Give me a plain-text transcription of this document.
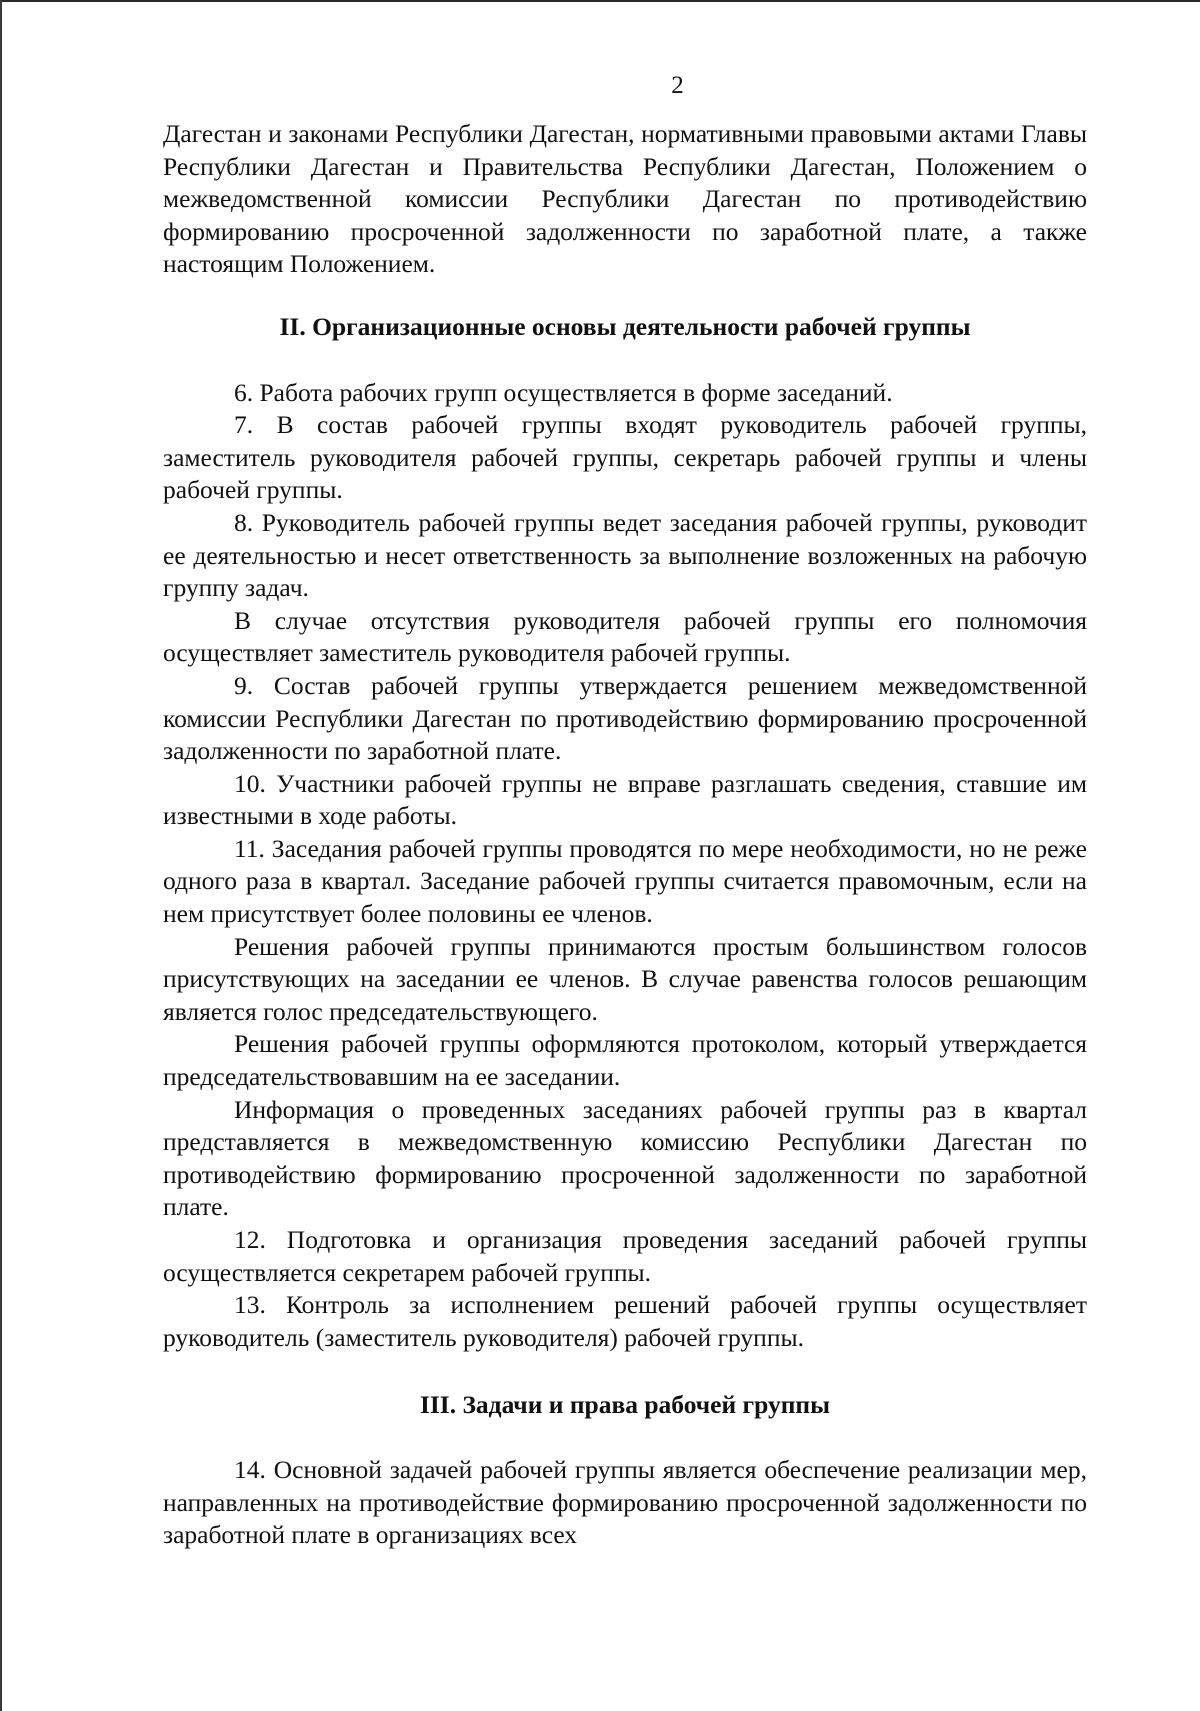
2

Дагестан и законами Республики Дагестан, нормативными правовыми актами Главы Республики Дагестан и Правительства Республики Дагестан, Положением о межведомственной комиссии Республики Дагестан по противодействию формированию просроченной задолженности по заработной плате, а также настоящим Положением.

II. Организационные основы деятельности рабочей группы

6. Работа рабочих групп осуществляется в форме заседаний.

7. В состав рабочей группы входят руководитель рабочей группы, заместитель руководителя рабочей группы, секретарь рабочей группы и члены рабочей группы.

8. Руководитель рабочей группы ведет заседания рабочей группы, руководит ее деятельностью и несет ответственность за выполнение возложенных на рабочую группу задач.

В случае отсутствия руководителя рабочей группы его полномочия осуществляет заместитель руководителя рабочей группы.

9. Состав рабочей группы утверждается решением межведомственной комиссии Республики Дагестан по противодействию формированию просроченной задолженности по заработной плате.

10. Участники рабочей группы не вправе разглашать сведения, ставшие им известными в ходе работы.

11. Заседания рабочей группы проводятся по мере необходимости, но не реже одного раза в квартал. Заседание рабочей группы считается правомочным, если на нем присутствует более половины ее членов.

Решения рабочей группы принимаются простым большинством голосов присутствующих на заседании ее членов. В случае равенства голосов решающим является голос председательствующего.

Решения рабочей группы оформляются протоколом, который утверждается председательствовавшим на ее заседании.

Информация о проведенных заседаниях рабочей группы раз в квартал представляется в межведомственную комиссию Республики Дагестан по противодействию формированию просроченной задолженности по заработной плате.

12. Подготовка и организация проведения заседаний рабочей группы осуществляется секретарем рабочей группы.

13. Контроль за исполнением решений рабочей группы осуществляет руководитель (заместитель руководителя) рабочей группы.

III. Задачи и права рабочей группы

14. Основной задачей рабочей группы является обеспечение реализации мер, направленных на противодействие формированию просроченной задолженности по заработной плате в организациях всех
